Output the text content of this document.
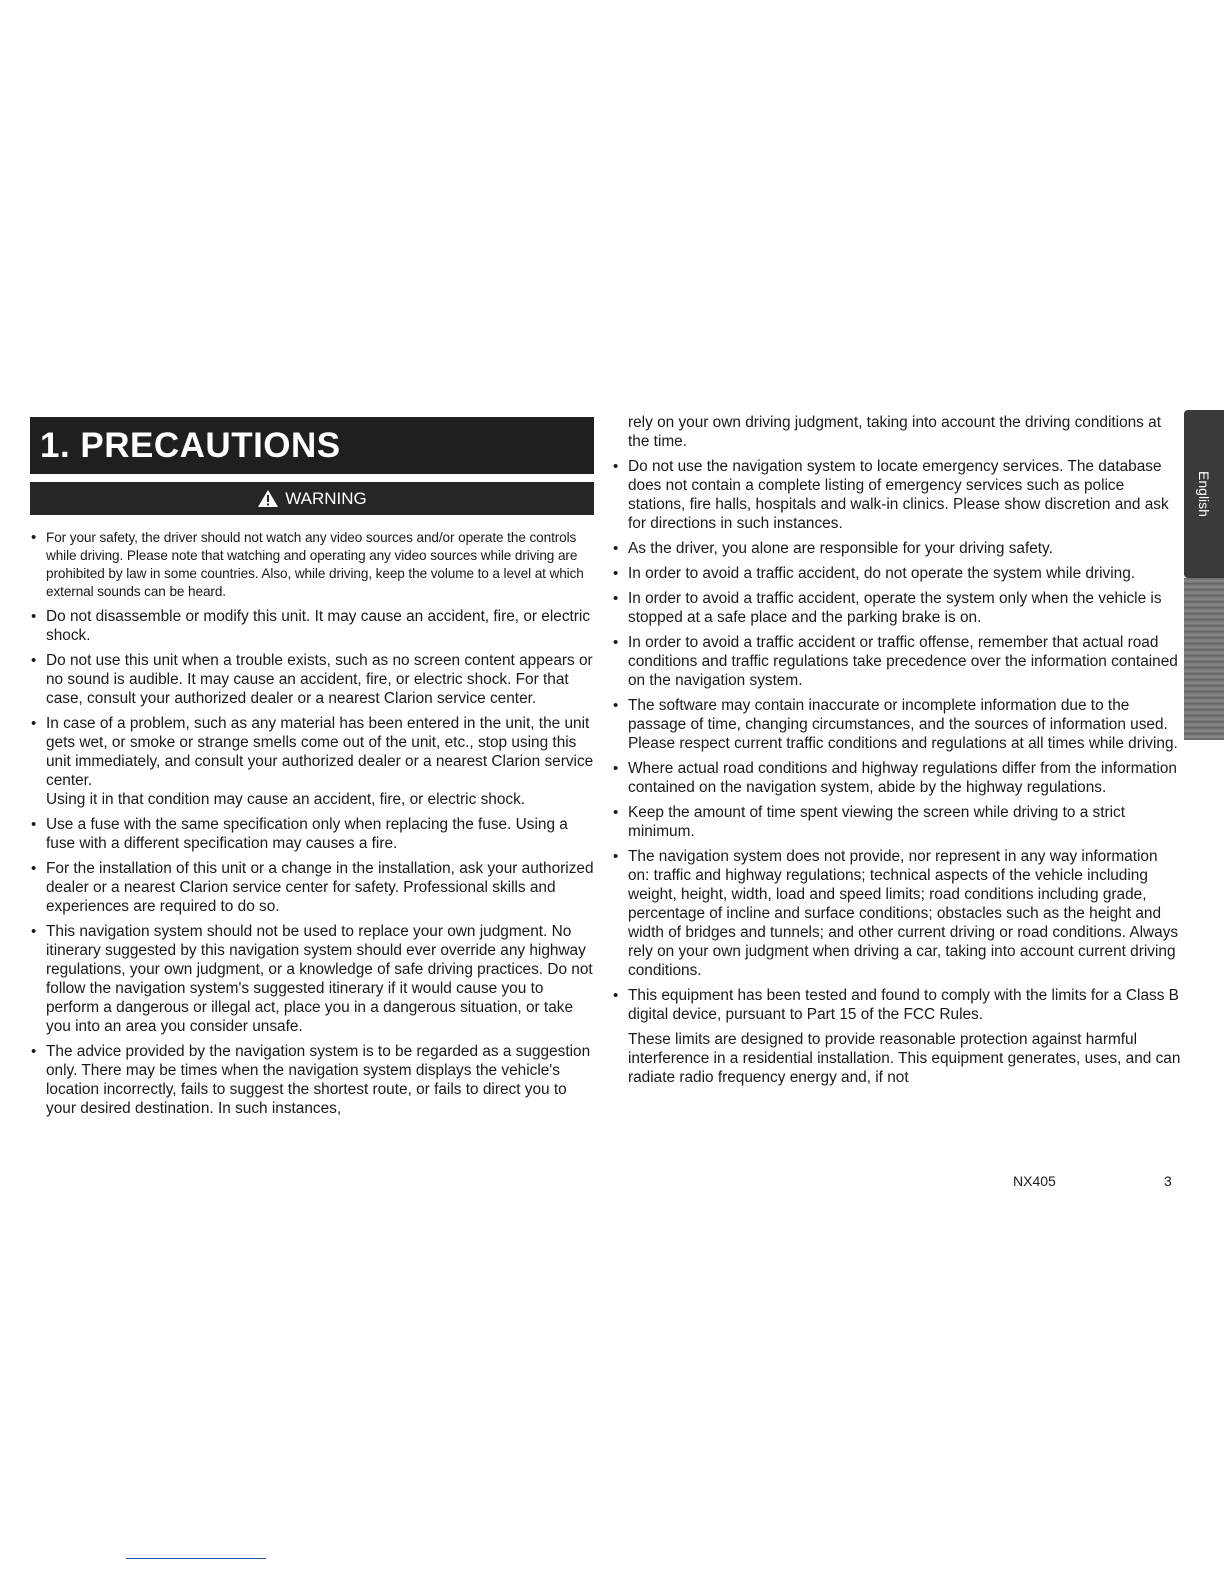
1. PRECAUTIONS
WARNING
• For your safety, the driver should not watch any video sources and/or operate the controls while driving. Please note that watching and operating any video sources while driving are prohibited by law in some countries. Also, while driving, keep the volume to a level at which external sounds can be heard.
• Do not disassemble or modify this unit. It may cause an accident, fire, or electric shock.
• Do not use this unit when a trouble exists, such as no screen content appears or no sound is audible. It may cause an accident, fire, or electric shock. For that case, consult your authorized dealer or a nearest Clarion service center.
• In case of a problem, such as any material has been entered in the unit, the unit gets wet, or smoke or strange smells come out of the unit, etc., stop using this unit immediately, and consult your authorized dealer or a nearest Clarion service center.
Using it in that condition may cause an accident, fire, or electric shock.
• Use a fuse with the same specification only when replacing the fuse. Using a fuse with a different specification may causes a fire.
• For the installation of this unit or a change in the installation, ask your authorized dealer or a nearest Clarion service center for safety. Professional skills and experiences are required to do so.
• This navigation system should not be used to replace your own judgment. No itinerary suggested by this navigation system should ever override any highway regulations, your own judgment, or a knowledge of safe driving practices. Do not follow the navigation system's suggested itinerary if it would cause you to perform a dangerous or illegal act, place you in a dangerous situation, or take you into an area you consider unsafe.
• The advice provided by the navigation system is to be regarded as a suggestion only. There may be times when the navigation system displays the vehicle's location incorrectly, fails to suggest the shortest route, or fails to direct you to your desired destination. In such instances,
rely on your own driving judgment, taking into account the driving conditions at the time.
• Do not use the navigation system to locate emergency services. The database does not contain a complete listing of emergency services such as police stations, fire halls, hospitals and walk-in clinics. Please show discretion and ask for directions in such instances.
• As the driver, you alone are responsible for your driving safety.
• In order to avoid a traffic accident, do not operate the system while driving.
• In order to avoid a traffic accident, operate the system only when the vehicle is stopped at a safe place and the parking brake is on.
• In order to avoid a traffic accident or traffic offense, remember that actual road conditions and traffic regulations take precedence over the information contained on the navigation system.
• The software may contain inaccurate or incomplete information due to the passage of time, changing circumstances, and the sources of information used. Please respect current traffic conditions and regulations at all times while driving.
• Where actual road conditions and highway regulations differ from the information contained on the navigation system, abide by the highway regulations.
• Keep the amount of time spent viewing the screen while driving to a strict minimum.
• The navigation system does not provide, nor represent in any way information on: traffic and highway regulations; technical aspects of the vehicle including weight, height, width, load and speed limits; road conditions including grade, percentage of incline and surface conditions; obstacles such as the height and width of bridges and tunnels; and other current driving or road conditions. Always rely on your own judgment when driving a car, taking into account current driving conditions.
• This equipment has been tested and found to comply with the limits for a Class B digital device, pursuant to Part 15 of the FCC Rules.
These limits are designed to provide reasonable protection against harmful interference in a residential installation. This equipment generates, uses, and can radiate radio frequency energy and, if not
NX405	3
English
